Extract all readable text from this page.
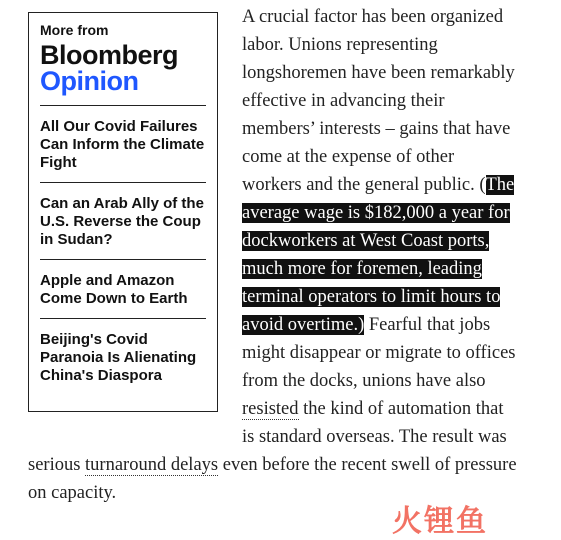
A crucial factor has been organized labor. Unions representing longshoremen have been remarkably effective in advancing their members’ interests – gains that have come at the expense of other workers and the general public. (The average wage is $182,000 a year for dockworkers at West Coast ports, much more for foremen, leading terminal operators to limit hours to avoid overtime.) Fearful that jobs might disappear or migrate to offices from the docks, unions have also resisted the kind of automation that is standard overseas. The result was serious turnaround delays even before the recent swell of pressure on capacity.

More from
Bloomberg
Opinion
All Our Covid Failures Can Inform the Climate Fight
Can an Arab Ally of the U.S. Reverse the Coup in Sudan?
Apple and Amazon Come Down to Earth
Beijing's Covid Paranoia Is Alienating China's Diaspora
火锂鱼
